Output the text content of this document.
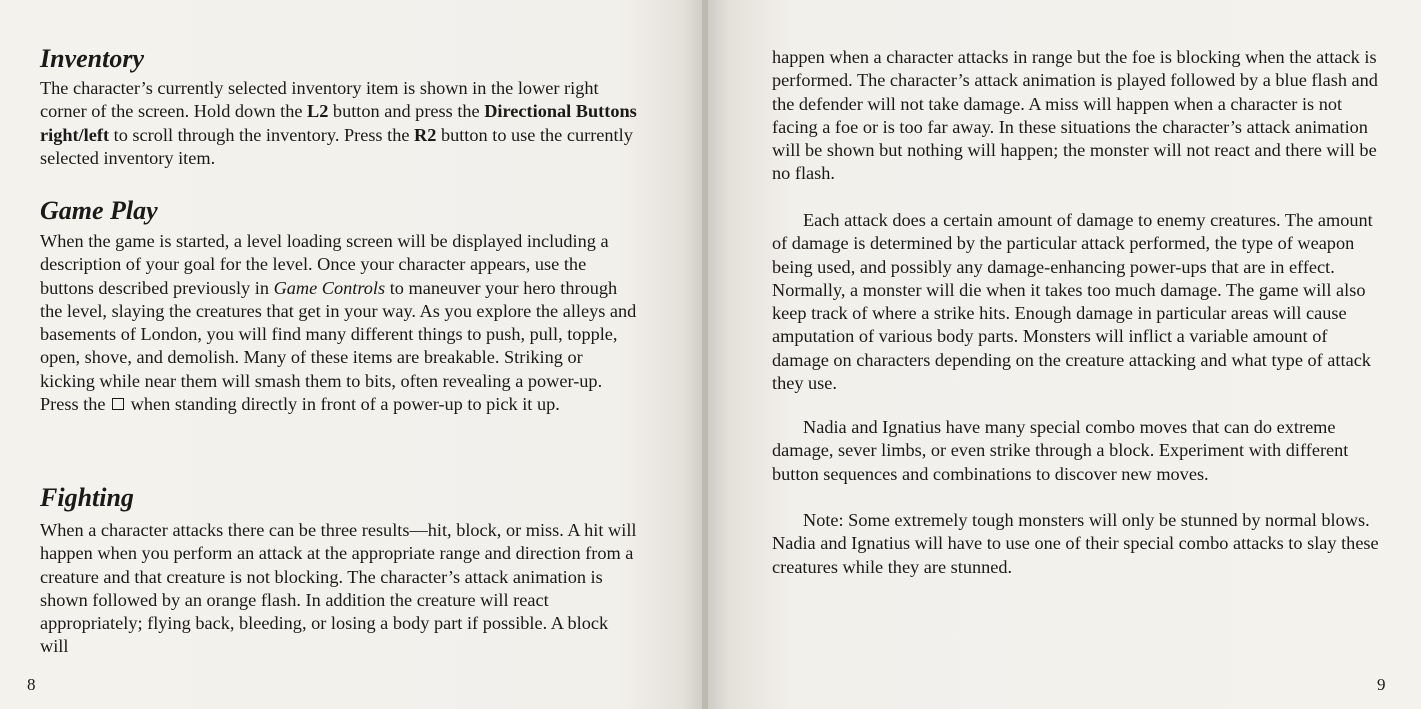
Inventory

The character’s currently selected inventory item is shown in the lower right corner of the screen. Hold down the L2 button and press the Directional Buttons right/left to scroll through the inventory. Press the R2 button to use the currently selected inventory item.

Game Play

When the game is started, a level loading screen will be displayed including a description of your goal for the level. Once your character appears, use the buttons described previously in Game Controls to maneuver your hero through the level, slaying the creatures that get in your way. As you explore the alleys and basements of London, you will find many different things to push, pull, topple, open, shove, and demolish. Many of these items are breakable. Striking or kicking while near them will smash them to bits, often revealing a power-up. Press the  when standing directly in front of a power-up to pick it up.

Fighting

When a character attacks there can be three results—hit, block, or miss. A hit will happen when you perform an attack at the appropriate range and direction from a creature and that creature is not blocking. The character’s attack animation is shown followed by an orange flash. In addition the creature will react appropriately; flying back, bleeding, or losing a body part if possible. A block will

8

happen when a character attacks in range but the foe is blocking when the attack is performed. The character’s attack animation is played followed by a blue flash and the defender will not take damage. A miss will happen when a character is not facing a foe or is too far away. In these situations the character’s attack animation will be shown but nothing will happen; the monster will not react and there will be no flash.

Each attack does a certain amount of damage to enemy creatures. The amount of damage is determined by the particular attack performed, the type of weapon being used, and possibly any damage-enhancing power-ups that are in effect. Normally, a monster will die when it takes too much damage. The game will also keep track of where a strike hits. Enough damage in particular areas will cause amputation of various body parts. Monsters will inflict a variable amount of damage on characters depending on the creature attacking and what type of attack they use.

Nadia and Ignatius have many special combo moves that can do extreme damage, sever limbs, or even strike through a block. Experiment with different button sequences and combinations to discover new moves.

Note: Some extremely tough monsters will only be stunned by normal blows. Nadia and Ignatius will have to use one of their special combo attacks to slay these creatures while they are stunned.

9
